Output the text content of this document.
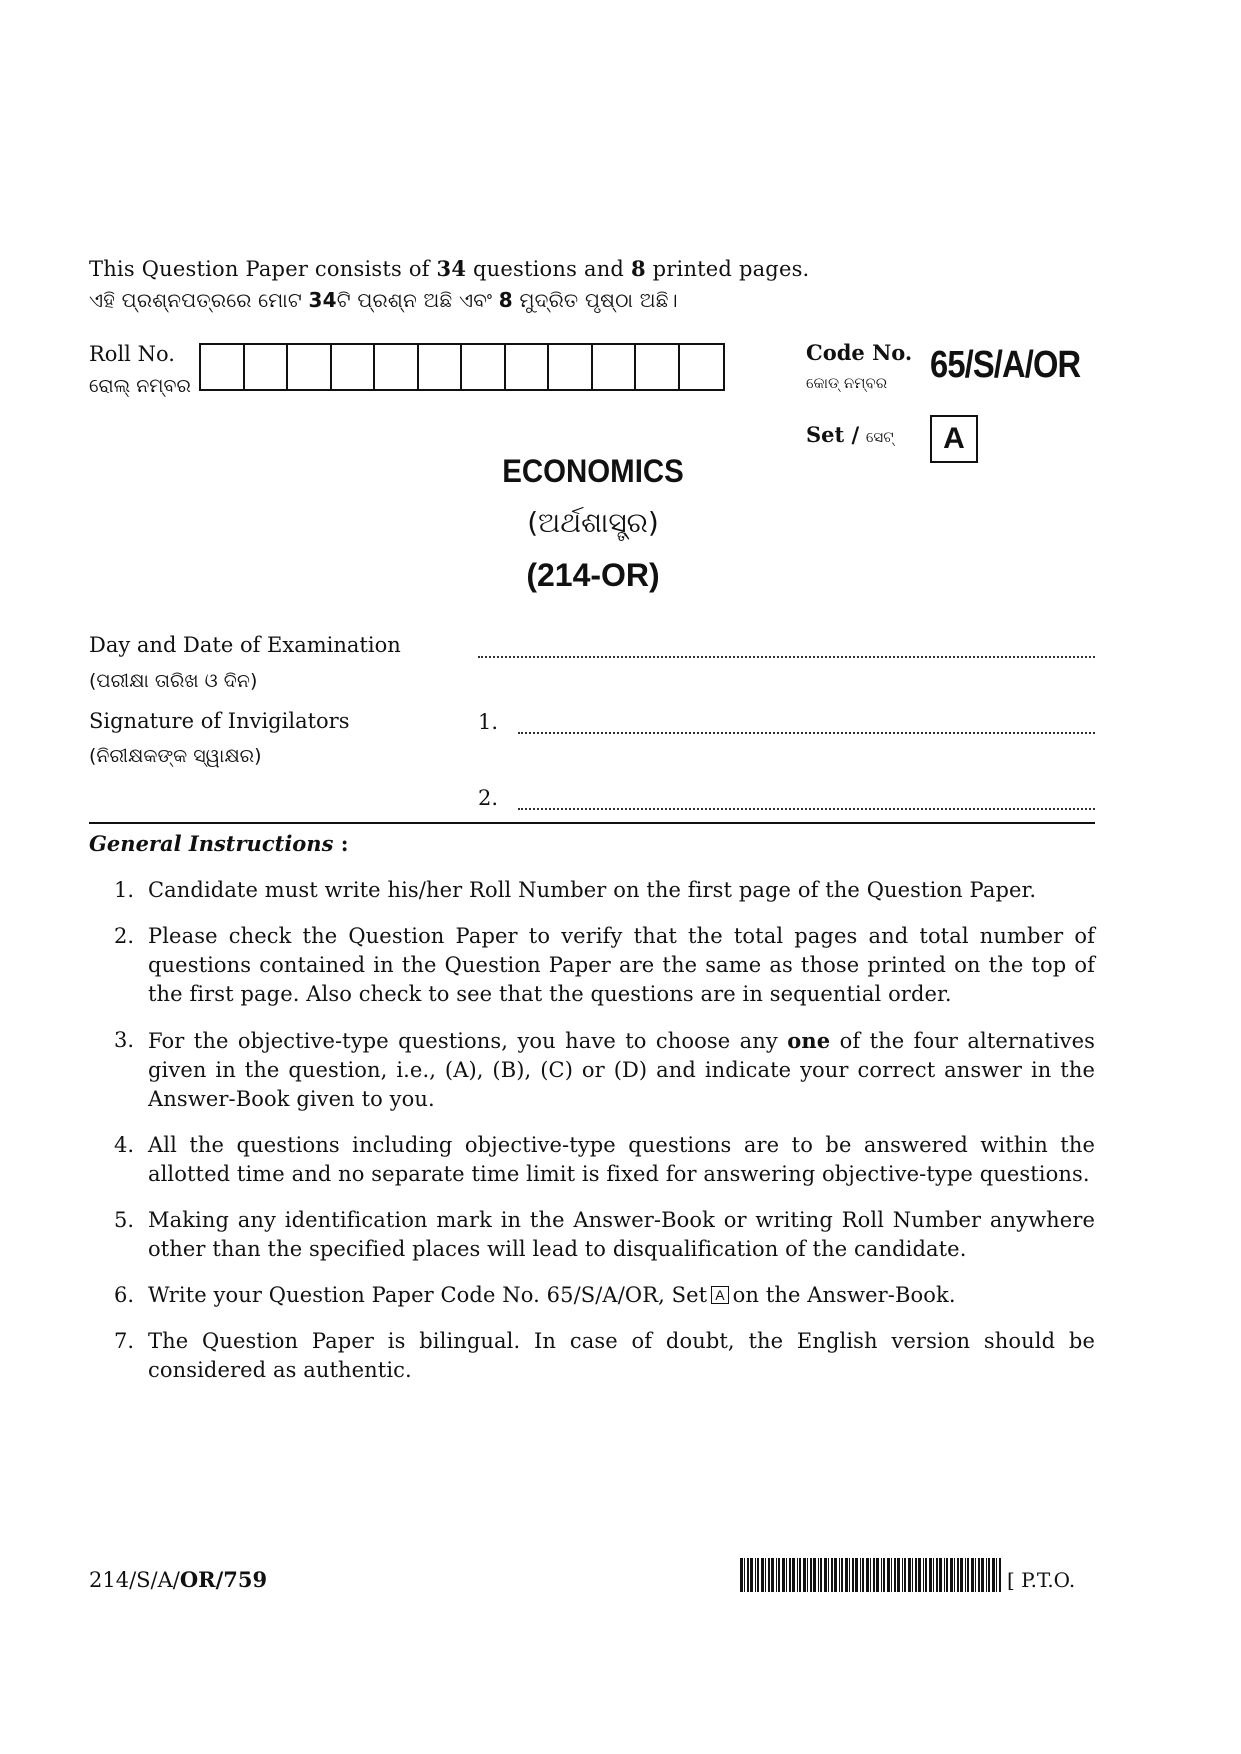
This Question Paper consists of 34 questions and 8 printed pages.
ଏହି ପ୍ରଶ୍ନପତ୍ରରେ ମୋଟ 34ଟି ପ୍ରଶ୍ନ ଅଛି ଏବଂ 8 ମୁଦ୍ରିତ ପୃଷ୍ଠା ଅଛି।
Roll No.
ରୋଲ୍ ନମ୍ବର
Code No.
କୋଡ୍ ନମ୍ବର 65/S/A/OR
Set / ସେଟ୍	A
ECONOMICS
(ଅର୍ଥଶାସ୍ତ୍ର)
(214-OR)
Day and Date of Examination
(ପରୀକ୍ଷା ତାରିଖ ଓ ଦିନ)
Signature of Invigilators	1.
(ନିରୀକ୍ଷକଙ୍କ ସ୍ୱାକ୍ଷର)
2.
General Instructions :
1. Candidate must write his/her Roll Number on the first page of the Question Paper.
2. Please check the Question Paper to verify that the total pages and total number of questions contained in the Question Paper are the same as those printed on the top of the first page. Also check to see that the questions are in sequential order.
3. For the objective-type questions, you have to choose any one of the four alternatives given in the question, i.e., (A), (B), (C) or (D) and indicate your correct answer in the Answer-Book given to you.
4. All the questions including objective-type questions are to be answered within the allotted time and no separate time limit is fixed for answering objective-type questions.
5. Making any identification mark in the Answer-Book or writing Roll Number anywhere other than the specified places will lead to disqualification of the candidate.
6. Write your Question Paper Code No. 65/S/A/OR, Set A on the Answer-Book.
7. The Question Paper is bilingual. In case of doubt, the English version should be considered as authentic.
214/S/A/OR/759	[ P.T.O.
